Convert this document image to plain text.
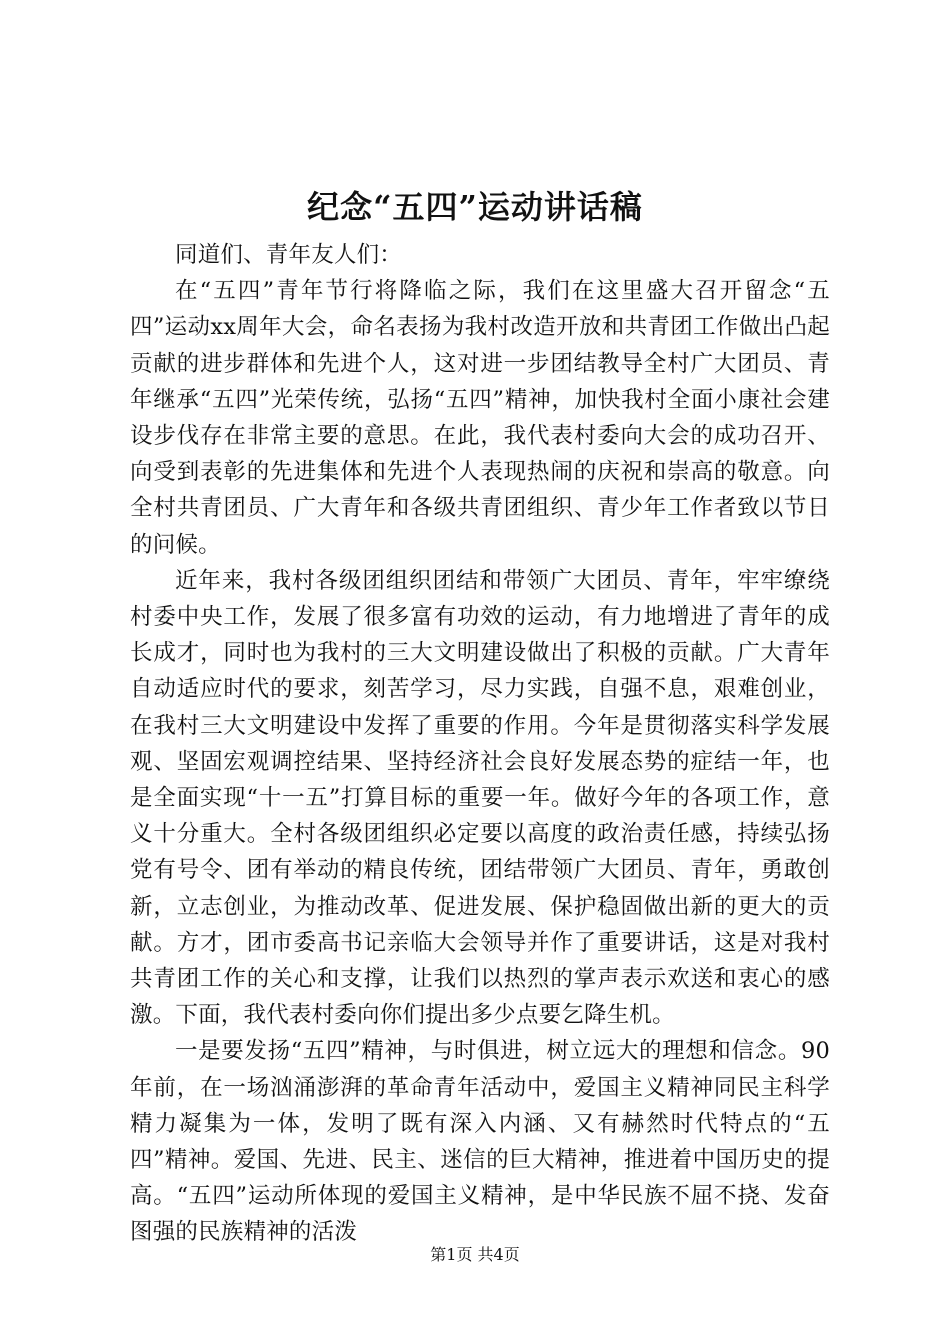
纪念“五四”运动讲话稿

同道们、青年友人们：

在“五四”青年节行将降临之际，我们在这里盛大召开留念“五四”运动xx周年大会，命名表扬为我村改造开放和共青团工作做出凸起贡献的进步群体和先进个人，这对进一步团结教导全村广大团员、青年继承“五四”光荣传统，弘扬“五四”精神，加快我村全面小康社会建设步伐存在非常主要的意思。在此，我代表村委向大会的成功召开、向受到表彰的先进集体和先进个人表现热闹的庆祝和崇高的敬意。向全村共青团员、广大青年和各级共青团组织、青少年工作者致以节日的问候。

近年来，我村各级团组织团结和带领广大团员、青年，牢牢缭绕村委中央工作，发展了很多富有功效的运动，有力地增进了青年的成长成才，同时也为我村的三大文明建设做出了积极的贡献。广大青年自动适应时代的要求，刻苦学习，尽力实践，自强不息，艰难创业，在我村三大文明建设中发挥了重要的作用。今年是贯彻落实科学发展观、坚固宏观调控结果、坚持经济社会良好发展态势的症结一年，也是全面实现“十一五”打算目标的重要一年。做好今年的各项工作，意义十分重大。全村各级团组织必定要以高度的政治责任感，持续弘扬党有号令、团有举动的精良传统，团结带领广大团员、青年，勇敢创新，立志创业，为推动改革、促进发展、保护稳固做出新的更大的贡献。方才，团市委高书记亲临大会领导并作了重要讲话，这是对我村共青团工作的关心和支撑，让我们以热烈的掌声表示欢送和衷心的感激。下面，我代表村委向你们提出多少点要乞降生机。

一是要发扬“五四”精神，与时俱进，树立远大的理想和信念。90年前，在一场汹涌澎湃的革命青年活动中，爱国主义精神同民主科学精力凝集为一体，发明了既有深入内涵、又有赫然时代特点的“五四”精神。爱国、先进、民主、迷信的巨大精神，推进着中国历史的提高。“五四”运动所体现的爱国主义精神，是中华民族不屈不挠、发奋图强的民族精神的活泼

第1页 共4页
